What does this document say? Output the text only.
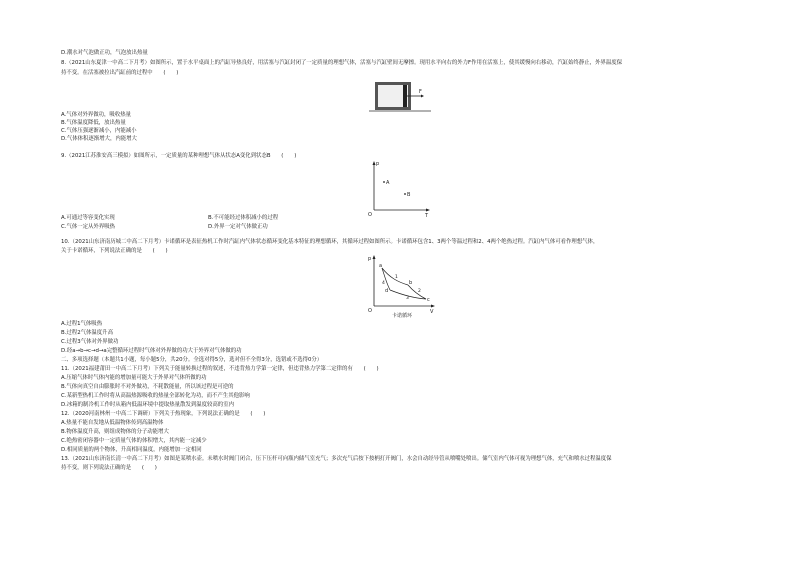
D.潮水对气泡做正功，气泡放出热量
8.（2021山东夏津一中高二下月考）如图所示，置于水平桌面上的汽缸导热良好，用活塞与汽缸封闭了一定质量的理想气体，活塞与汽缸壁间无摩擦。现用水平向右的外力F作用在活塞上，使其缓慢向右移动，汽缸始终静止，外界温度保
持不变。在活塞被拉出汽缸前的过程中　　(　　)
F
A.气体对外界做功，吸收热量
B.气体温度降低，放出热量
C.气体压强逐渐减小，内能减小
D.气体体积逐渐增大，内能增大
9.（2021江苏淮安高三模拟）如图所示，一定质量的某种理想气体从状态A变化到状态B　　(　　)
p
T
O
A
B
A.可通过等容变化实现	B.不可能经过体积减小的过程
C.气体一定从外界吸热	D.外界一定对气体做正功
10.（2021山东济南历城二中高二下月考）卡诺循环是表征热机工作时汽缸内气体状态循环变化基本特征的理想循环，其循环过程如图所示。卡诺循环包含1、3两个等温过程和2、4两个绝热过程。汽缸内气体可看作理想气体，
关于卡诺循环，下列说法正确的是　　(　　)
p
V
O
a
b
c
d
1
2
3
4
卡诺循环
A.过程1气体吸热
B.过程2气体温度升高
C.过程3气体对外界做功
D.经a→b→c→d→a完整循环过程时气体对外界做的功大于外界对气体做的功
二、多项选择题（本题共1小题，每小题5分，共20分。全选对得5分，选对但不全得3分，选错或不选得0分）
11.（2021福建莆田一中高二下月考）下列关于能量转换过程的叙述，不违背热力学第一定律，但违背热力学第二定律的有　　(　　)
A.压缩气体时气体内能的增加量可能大于外界对气体所做的功
B.气体向真空自由膨胀时不对外做功，不耗散能量，所以该过程是可逆的
C.某新型热机工作时将从高温热源吸收的热量全部转化为功，而不产生其他影响
D.冰箱的制冷机工作时从箱内低温环境中提取热量散发到温度较高的室内
12.（2020河南林州一中高二下调研）下列关于热现象，下列说法正确的是　　(　　)
A.热量不能自发地从低温物体传到高温物体
B.物体温度升高，则组成物体的分子动能增大
C.绝热密闭容器中一定质量气体的体积增大，其内能一定减少
D.相同质量的两个物体，升高相同温度，内能增加一定相同
13.（2021山东济南长清一中高二下月考）如图是某喷水壶。未喷水时阀门闭合，压下压杆可向瓶内储气室充气；多次充气后按下按柄打开阀门，水会自动经导管从喷嘴处喷出。储气室内气体可视为理想气体，充气和喷水过程温度保
持不变，则下列说法正确的是　　(　　)
